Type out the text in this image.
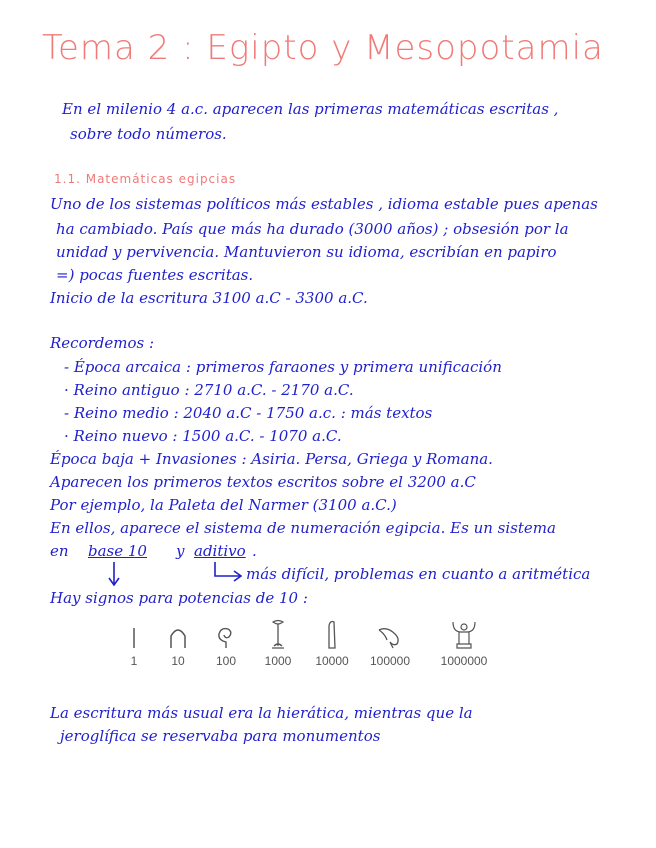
Tema 2 : Egipto y Mesopotamia
En el milenio 4 a.c. aparecen las primeras matemáticas escritas ,
sobre todo números.
1.1. Matemáticas egipcias
Uno de los sistemas políticos más estables , idioma estable pues apenas
ha cambiado. País que más ha durado (3000 años) ; obsesión por la
unidad y pervivencia. Mantuvieron su idioma, escribían en papiro
=) pocas fuentes escritas.
Inicio de la escritura 3100 a.C - 3300 a.C.
Recordemos :
- Época arcaica : primeros faraones y primera unificación
· Reino antiguo : 2710 a.C. - 2170 a.C.
- Reino medio : 2040 a.C - 1750 a.c. : más textos
· Reino nuevo : 1500 a.C. - 1070 a.C.
Época baja + Invasiones : Asiria. Persa, Griega y Romana.
Aparecen los primeros textos escritos sobre el 3200 a.C
Por ejemplo, la Paleta del Narmer (3100 a.C.)
En ellos, aparece el sistema de numeración egipcia. Es un sistema
en base 10 y aditivo .
más difícil, problemas en cuanto a aritmética
Hay signos para potencias de 10 :
1	10	100	1000	10000	100000	1000000
La escritura más usual era la hierática, mientras que la
jeroglífica se reservaba para monumentos
